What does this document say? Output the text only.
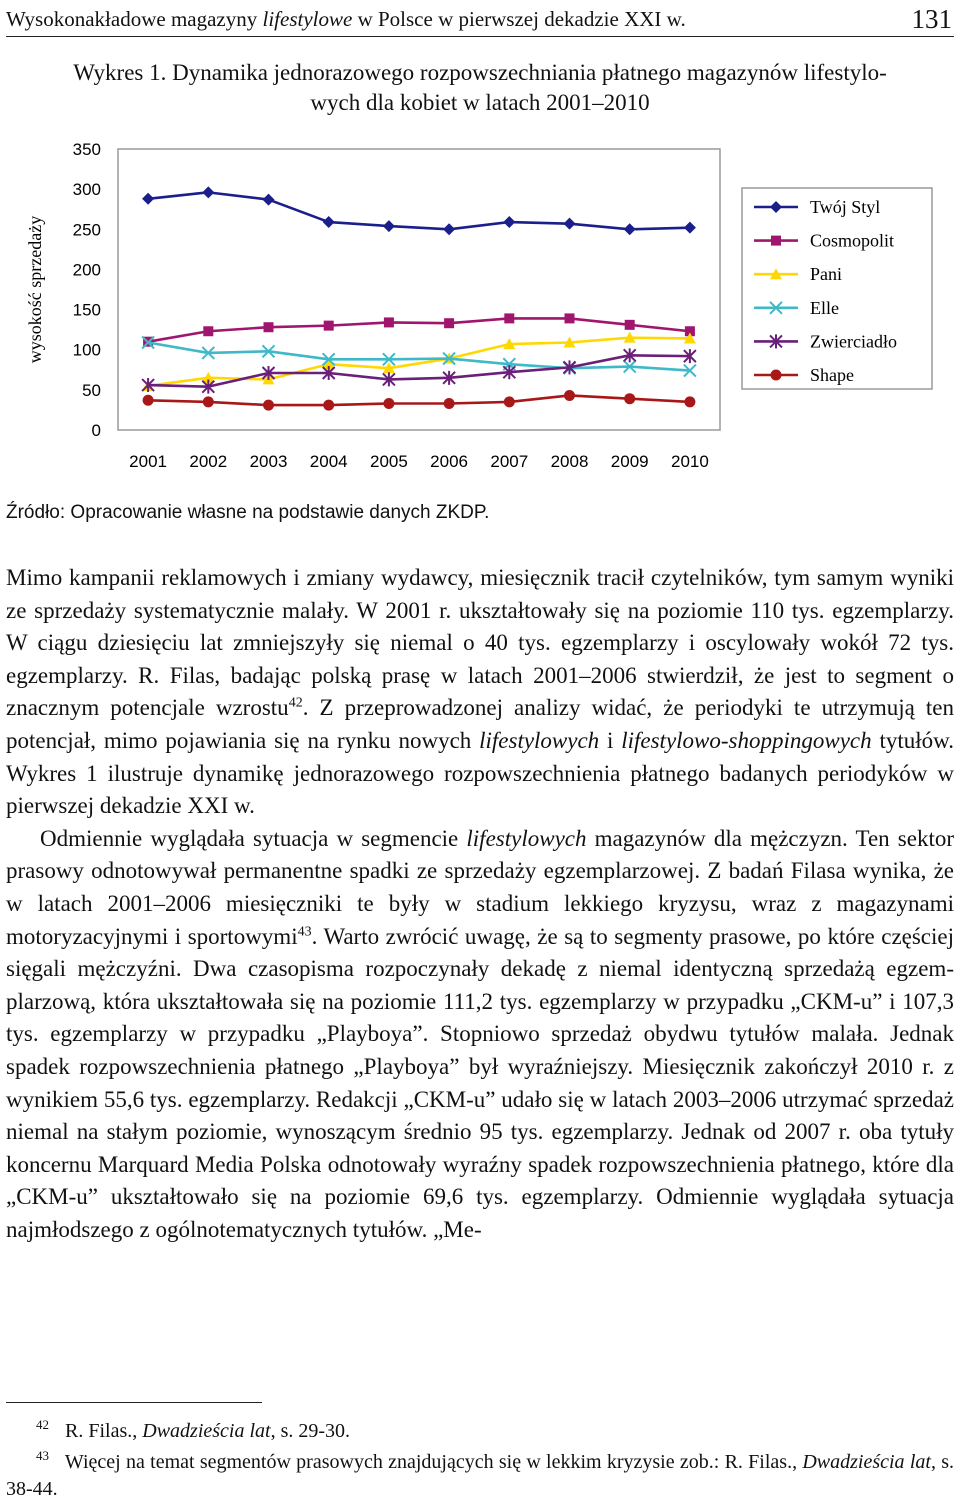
Wysokonakładowe magazyny lifestylowe w Polsce w pierwszej dekadzie XXI w.	131
Wykres 1. Dynamika jednorazowego rozpowszechniania płatnego magazynów lifestylo-
wych dla kobiet w latach 2001–2010
wysokość sprzedaży
0
50
100
150
200
250
300
350
2001 2002 2003 2004 2005 2006 2007 2008 2009 2010
Twój Styl
Cosmopolit
Pani
Elle
Zwierciadło
Shape
Źródło: Opracowanie własne na podstawie danych ZKDP.

Mimo kampanii reklamowych i zmiany wydawcy, miesięcznik tracił czytelników, tym samym wyniki ze sprzedaży systematycznie malały. W 2001 r. ukształtowały się na poziomie 110 tys. egzemplarzy. W ciągu dziesięciu lat zmniejszyły się niemal o 40 tys. egzemplarzy i oscylowały wokół 72 tys. egzemplarzy. R. Filas, badając polską prasę w latach 2001–2006 stwierdził, że jest to segment o znacznym potencjale wzrostu$^{42}$. Z przeprowadzonej analizy widać, że periodyki te utrzymują ten potencjał, mimo pojawiania się na rynku nowych lifestylowych i lifestylowo-shoppingowych tytułów. Wykres 1 ilustruje dynamikę jednorazowego rozpowszechnienia płatnego badanych periodyków w pierwszej dekadzie XXI w.

Odmiennie wyglądała sytuacja w segmencie lifestylowych magazynów dla mężczyzn. Ten sektor prasowy odnotowywał permanentne spadki ze sprzedaży egzemplarzowej. Z badań Filasa wynika, że w latach 2001–2006 miesięczniki te były w stadium lekkiego kryzysu, wraz z magazynami motoryzacyjnymi i sportowymi$^{43}$. Warto zwrócić uwagę, że są to segmenty prasowe, po które częściej sięgali mężczyźni. Dwa czasopisma rozpoczynały dekadę z niemal identyczną sprzedażą egzemplarzową, która ukształtowała się na poziomie 111,2 tys. egzemplarzy w przypadku „CKM-u” i 107,3 tys. egzemplarzy w przypadku „Playboya”. Stopniowo sprzedaż obydwu tytułów malała. Jednak spadek rozpowszechnienia płatnego „Playboya” był wyraźniejszy. Miesięcznik zakończył 2010 r. z wynikiem 55,6 tys. egzemplarzy. Redakcji „CKM-u” udało się w latach 2003–2006 utrzymać sprzedaż niemal na stałym poziomie, wynoszącym średnio 95 tys. egzemplarzy. Jednak od 2007 r. oba tytuły koncernu Marquard Media Polska odnotowały wyraźny spadek rozpowszechnienia płatnego, które dla „CKM-u” ukształtowało się na poziomie 69,6 tys. egzemplarzy. Odmiennie wyglądała sytuacja najmłodszego z ogólnotematycznych tytułów. „Me-

$^{42}$ R. Filas., Dwadzieścia lat, s. 29-30.

$^{43}$ Więcej na temat segmentów prasowych znajdujących się w lekkim kryzysie zob.: R. Filas., Dwadzieścia lat, s. 38-44.
